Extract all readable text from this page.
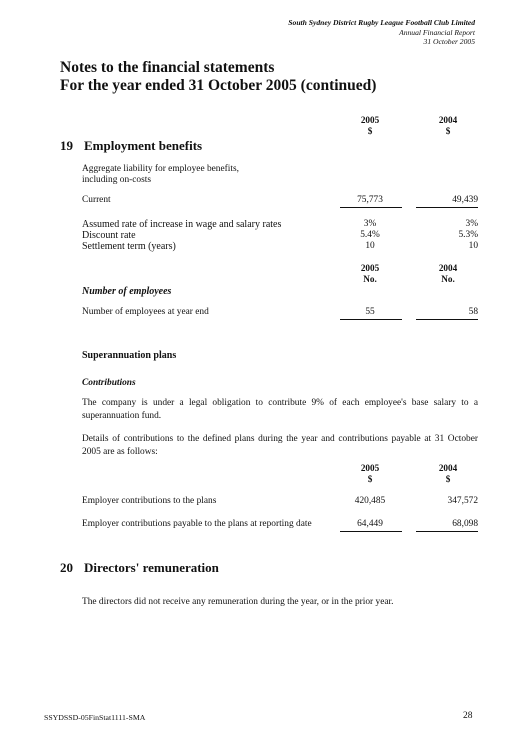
South Sydney District Rugby League Football Club Limited
Annual Financial Report
31 October 2005
Notes to the financial statements
For the year ended 31 October 2005 (continued)
2005
$
2004
$
19 Employment benefits
Aggregate liability for employee benefits,
including on-costs
Current	75,773	49,439
Assumed rate of increase in wage and salary rates	3%	3%
Discount rate	5.4%	5.3%
Settlement term (years)	10	10
2005
No.
2004
No.
Number of employees
Number of employees at year end	55	58
Superannuation plans
Contributions
The company is under a legal obligation to contribute 9% of each employee's base salary to a superannuation fund.
Details of contributions to the defined plans during the year and contributions payable at 31 October 2005 are as follows:
2005
$
2004
$
Employer contributions to the plans	420,485	347,572
Employer contributions payable to the plans at reporting date	64,449	68,098
20 Directors' remuneration
The directors did not receive any remuneration during the year, or in the prior year.
SSYDSSD-05FinStat1111-SMA	28
